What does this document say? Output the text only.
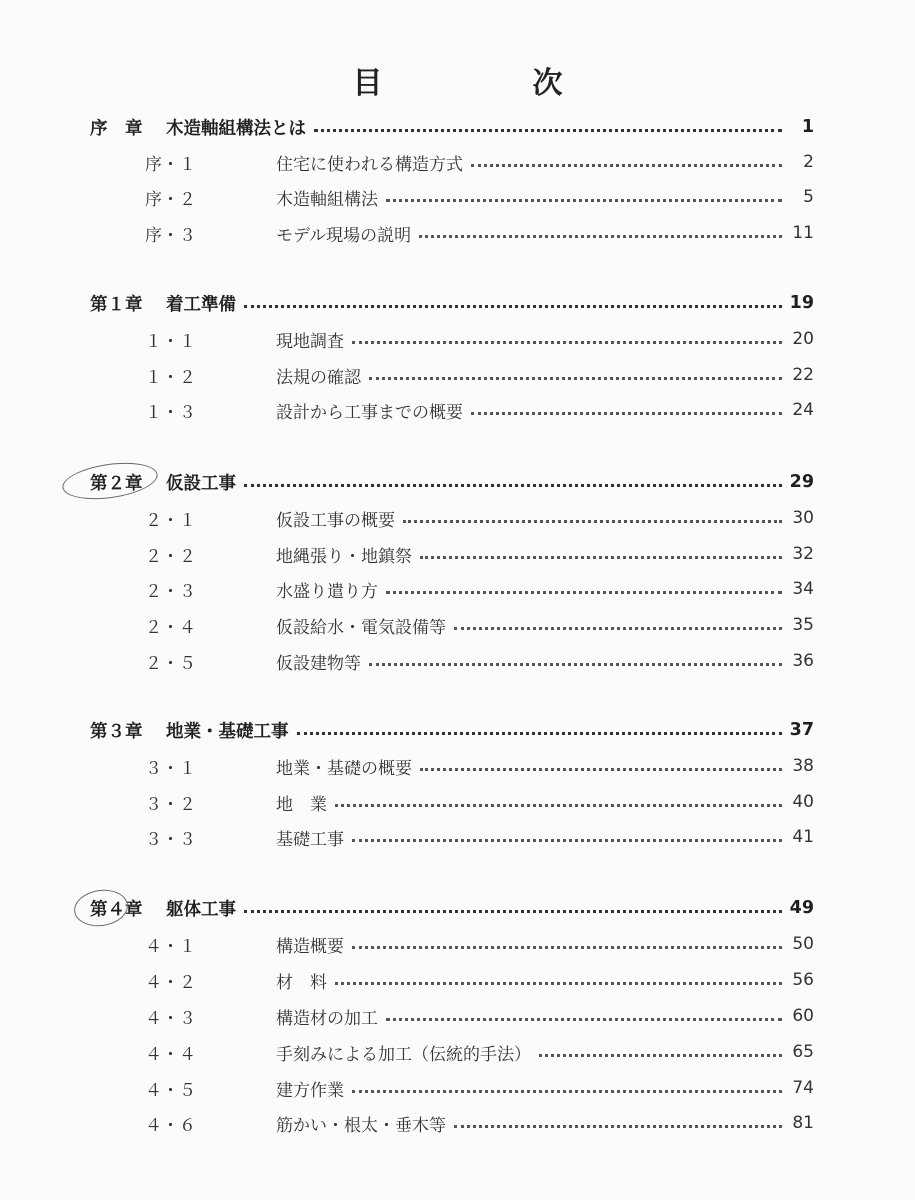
目　次
序　章	木造軸組構法とは	1
序・１	住宅に使われる構造方式	2
序・２	木造軸組構法	5
序・３	モデル現場の説明	11
第１章	着工準備	19
１・１	現地調査	20
１・２	法規の確認	22
１・３	設計から工事までの概要	24
第２章	仮設工事	29
２・１	仮設工事の概要	30
２・２	地縄張り・地鎮祭	32
２・３	水盛り遣り方	34
２・４	仮設給水・電気設備等	35
２・５	仮設建物等	36
第３章	地業・基礎工事	37
３・１	地業・基礎の概要	38
３・２	地　業	40
３・３	基礎工事	41
第４章	躯体工事	49
４・１	構造概要	50
４・２	材　料	56
４・３	構造材の加工	60
４・４	手刻みによる加工（伝統的手法）	65
４・５	建方作業	74
４・６	筋かい・根太・垂木等	81
